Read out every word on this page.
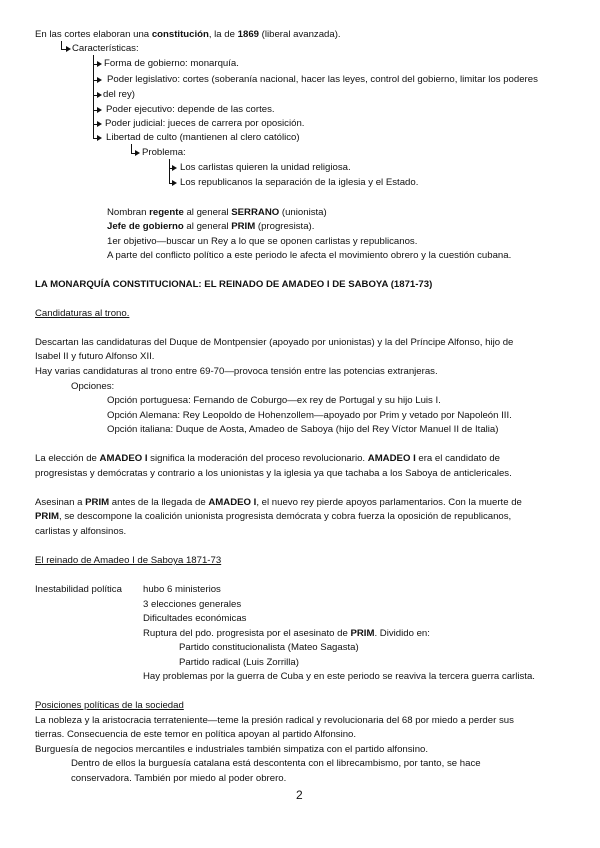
En las cortes elaboran una constitución, la de 1869 (liberal avanzada).
Características:
Forma de gobierno: monarquía.
Poder legislativo: cortes (soberanía nacional, hacer las leyes, control del gobierno, limitar los poderes
del rey)
Poder ejecutivo: depende de las cortes.
Poder judicial: jueces de carrera por oposición.
Libertad de culto (mantienen al clero católico)
Problema:
Los carlistas quieren la unidad religiosa.
Los republicanos la separación de la iglesia y el Estado.
Nombran regente al general SERRANO (unionista)
Jefe de gobierno al general PRIM (progresista).
1er objetivo—buscar un Rey a lo que se oponen carlistas y republicanos.
A parte del conflicto político a este periodo le afecta el movimiento obrero y la cuestión cubana.
LA MONARQUÍA CONSTITUCIONAL: EL REINADO DE AMADEO I DE SABOYA (1871-73)
Candidaturas al trono.
Descartan las candidaturas del Duque de Montpensier (apoyado por unionistas) y la del Príncipe Alfonso, hijo de
Isabel II y futuro Alfonso XII.
Hay varias candidaturas al trono entre 69-70—provoca tensión entre las potencias extranjeras.
Opciones:
Opción portuguesa: Fernando de Coburgo—ex rey de Portugal y su hijo Luis I.
Opción Alemana: Rey Leopoldo de Hohenzollem—apoyado por Prim y vetado por Napoleón III.
Opción italiana: Duque de Aosta, Amadeo de Saboya (hijo del Rey Víctor Manuel II de Italia)
La elección de AMADEO I significa la moderación del proceso revolucionario. AMADEO I era el candidato de
progresistas y demócratas y contrario a los unionistas y la iglesia ya que tachaba a los Saboya de anticlericales.
Asesinan a PRIM antes de la llegada de AMADEO I, el nuevo rey pierde apoyos parlamentarios. Con la muerte de
PRIM, se descompone la coalición unionista progresista demócrata y cobra fuerza la oposición de republicanos,
carlistas y alfonsinos.
El reinado de Amadeo I de Saboya 1871-73
Inestabilidad política hubo 6 ministerios
3 elecciones generales
Dificultades económicas
Ruptura del pdo. progresista por el asesinato de PRIM. Dividido en:
Partido constitucionalista (Mateo Sagasta)
Partido radical (Luis Zorrilla)
Hay problemas por la guerra de Cuba y en este periodo se reaviva la tercera guerra carlista.
Posiciones políticas de la sociedad
La nobleza y la aristocracia terrateniente—teme la presión radical y revolucionaria del 68 por miedo a perder sus
tierras. Consecuencia de este temor en política apoyan al partido Alfonsino.
Burguesía de negocios mercantiles e industriales también simpatiza con el partido alfonsino.
Dentro de ellos la burguesía catalana está descontenta con el librecambismo, por tanto, se hace
conservadora. También por miedo al poder obrero.
2
